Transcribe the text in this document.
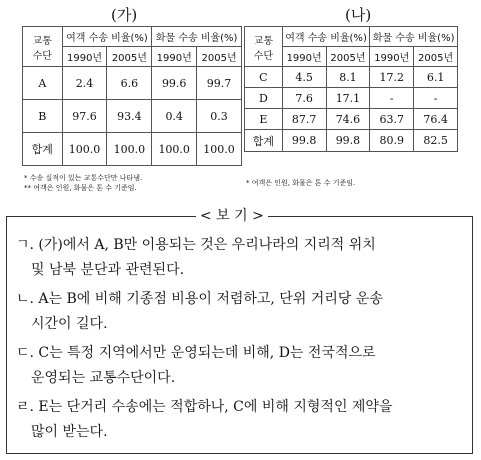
(가)	(나)
교통
수단	여객 수송 비율(%)		화물 수송 비율(%)	
	1990년	2005년	1990년	2005년
A	2.4	6.6	99.6	99.7
B	97.6	93.4	0.4	0.3
합계	100.0	100.0	100.0	100.0
* 수송 실적이 있는 교통수단만 나타냄.
** 여객은 인원, 화물은 톤 수 기준임.
교통
수단	여객 수송 비율(%)		화물 수송 비율(%)	
	1990년	2005년	1990년	2005년
C	4.5	8.1	17.2	6.1
D	7.6	17.1	-	-
E	87.7	74.6	63.7	76.4
합계	99.8	99.8	80.9	82.5
* 여객은 인원, 화물은 톤 수 기준임.
< 보 기 >
ㄱ. (가)에서 A, B만 이용되는 것은 우리나라의 지리적 위치
및 남북 분단과 관련된다.
ㄴ. A는 B에 비해 기종점 비용이 저렴하고, 단위 거리당 운송
시간이 길다.
ㄷ. C는 특정 지역에서만 운영되는데 비해, D는 전국적으로
운영되는 교통수단이다.
ㄹ. E는 단거리 수송에는 적합하나, C에 비해 지형적인 제약을
많이 받는다.
